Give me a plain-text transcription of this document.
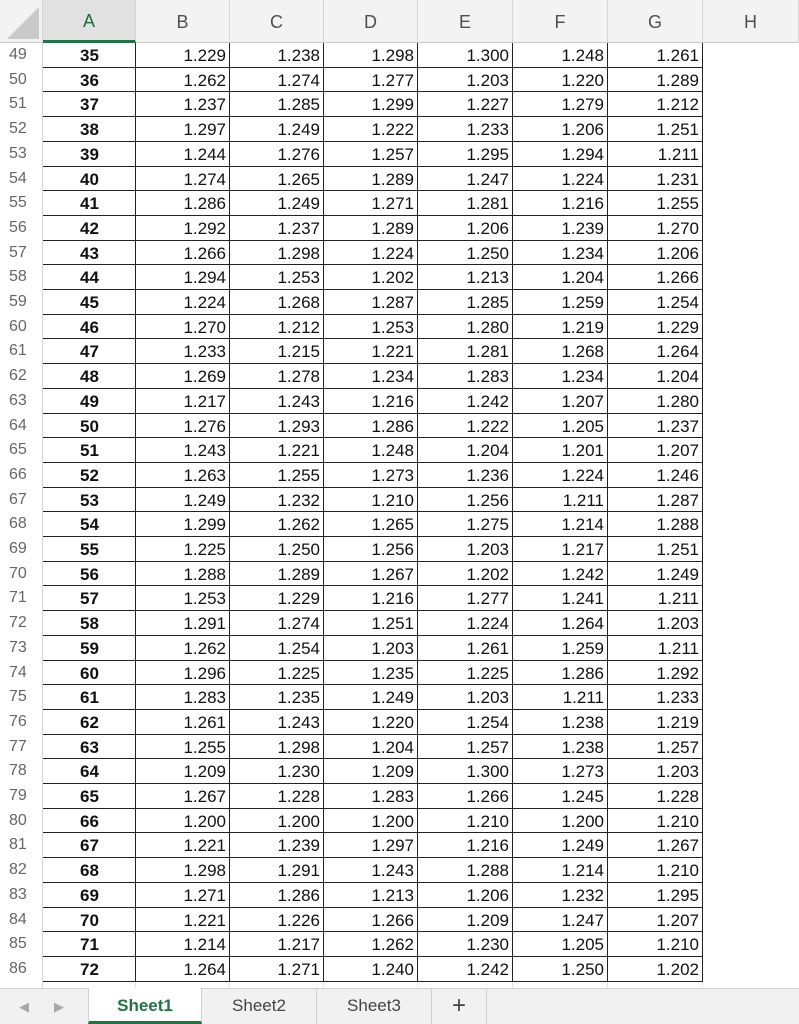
A	B	C	D	E	F	G	H
49	35	1.229	1.238	1.298	1.300	1.248	1.261
50	36	1.262	1.274	1.277	1.203	1.220	1.289
51	37	1.237	1.285	1.299	1.227	1.279	1.212
52	38	1.297	1.249	1.222	1.233	1.206	1.251
53	39	1.244	1.276	1.257	1.295	1.294	1.211
54	40	1.274	1.265	1.289	1.247	1.224	1.231
55	41	1.286	1.249	1.271	1.281	1.216	1.255
56	42	1.292	1.237	1.289	1.206	1.239	1.270
57	43	1.266	1.298	1.224	1.250	1.234	1.206
58	44	1.294	1.253	1.202	1.213	1.204	1.266
59	45	1.224	1.268	1.287	1.285	1.259	1.254
60	46	1.270	1.212	1.253	1.280	1.219	1.229
61	47	1.233	1.215	1.221	1.281	1.268	1.264
62	48	1.269	1.278	1.234	1.283	1.234	1.204
63	49	1.217	1.243	1.216	1.242	1.207	1.280
64	50	1.276	1.293	1.286	1.222	1.205	1.237
65	51	1.243	1.221	1.248	1.204	1.201	1.207
66	52	1.263	1.255	1.273	1.236	1.224	1.246
67	53	1.249	1.232	1.210	1.256	1.211	1.287
68	54	1.299	1.262	1.265	1.275	1.214	1.288
69	55	1.225	1.250	1.256	1.203	1.217	1.251
70	56	1.288	1.289	1.267	1.202	1.242	1.249
71	57	1.253	1.229	1.216	1.277	1.241	1.211
72	58	1.291	1.274	1.251	1.224	1.264	1.203
73	59	1.262	1.254	1.203	1.261	1.259	1.211
74	60	1.296	1.225	1.235	1.225	1.286	1.292
75	61	1.283	1.235	1.249	1.203	1.211	1.233
76	62	1.261	1.243	1.220	1.254	1.238	1.219
77	63	1.255	1.298	1.204	1.257	1.238	1.257
78	64	1.209	1.230	1.209	1.300	1.273	1.203
79	65	1.267	1.228	1.283	1.266	1.245	1.228
80	66	1.200	1.200	1.200	1.210	1.200	1.210
81	67	1.221	1.239	1.297	1.216	1.249	1.267
82	68	1.298	1.291	1.243	1.288	1.214	1.210
83	69	1.271	1.286	1.213	1.206	1.232	1.295
84	70	1.221	1.226	1.266	1.209	1.247	1.207
85	71	1.214	1.217	1.262	1.230	1.205	1.210
86	72	1.264	1.271	1.240	1.242	1.250	1.202
◀	▶	Sheet1	Sheet2	Sheet3	+
